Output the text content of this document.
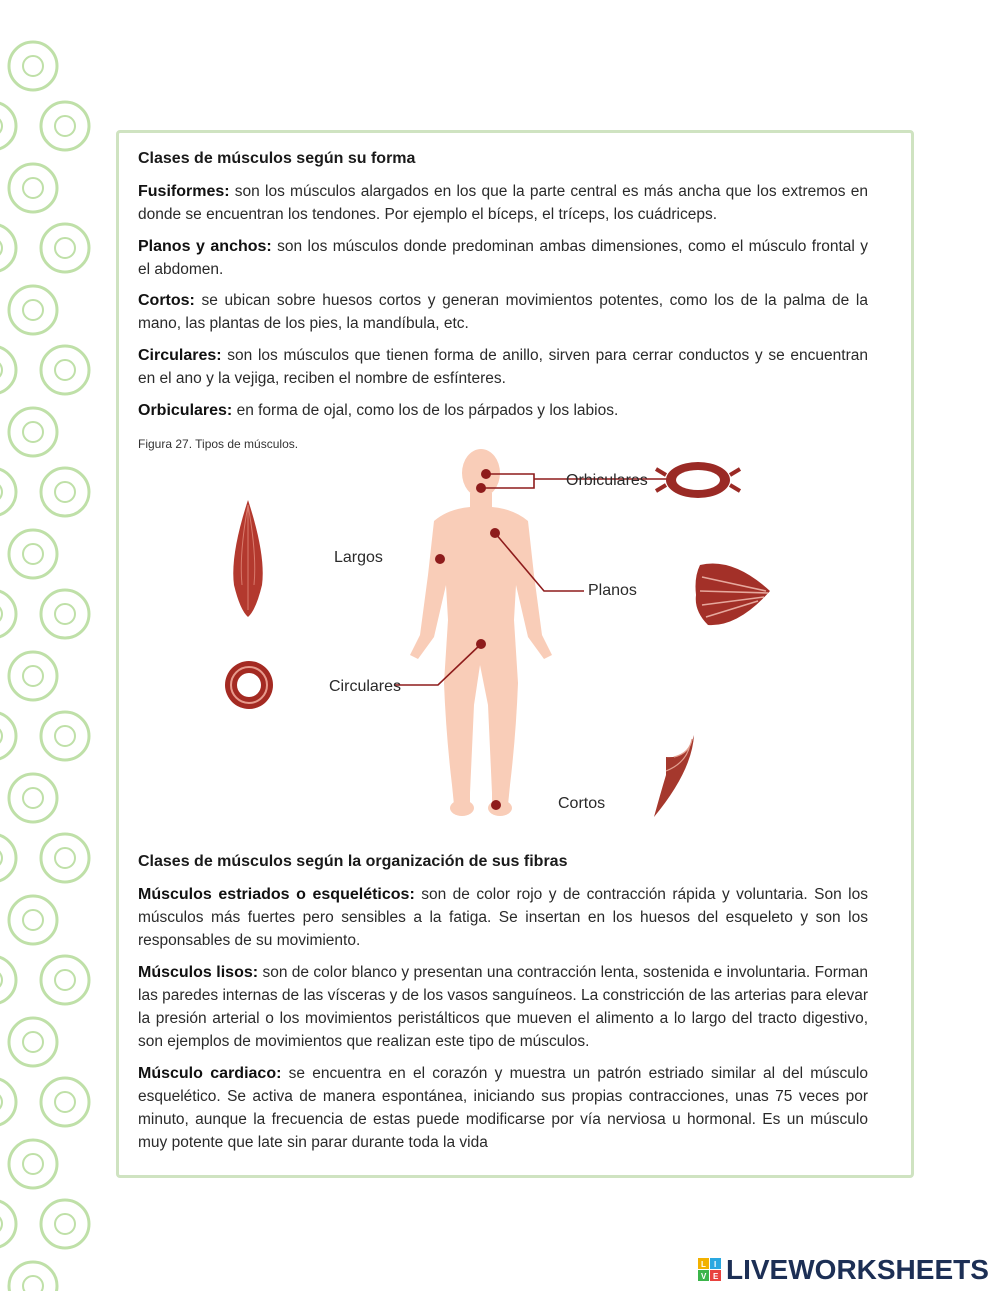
Clases de músculos según su forma

Fusiformes: son los músculos alargados en los que la parte central es más ancha que los extremos en donde se encuentran los tendones. Por ejemplo el bíceps, el tríceps, los cuádriceps.

Planos y anchos: son los músculos donde predominan ambas dimensiones, como el músculo frontal y el abdomen.

Cortos: se ubican sobre huesos cortos y generan movimientos potentes, como los de la palma de la mano, las plantas de los pies, la mandíbula, etc.

Circulares: son los músculos que tienen forma de anillo, sirven para cerrar conductos y se encuentran en el ano y la vejiga, reciben el nombre de esfínteres.

Orbiculares: en forma de ojal, como los de los párpados y los labios.

Figura 27. Tipos de músculos.

Orbiculares
Largos
Planos
Circulares
Cortos
Clases de músculos según la organización de sus fibras

Músculos estriados o esqueléticos: son de color rojo y de contracción rápida y voluntaria. Son los músculos más fuertes pero sensibles a la fatiga. Se insertan en los huesos del esqueleto y son los responsables de su movimiento.

Músculos lisos: son de color blanco y presentan una contracción lenta, sostenida e involuntaria. Forman las paredes internas de las vísceras y de los vasos sanguíneos. La constricción de las arterias para elevar la presión arterial o los movimientos peristálticos que mueven el alimento a lo largo del tracto digestivo, son ejemplos de movimientos que realizan este tipo de músculos.

Músculo cardiaco: se encuentra en el corazón y muestra un patrón estriado similar al del músculo esquelético. Se activa de manera espontánea, iniciando sus propias contracciones, unas 75 veces por minuto, aunque la frecuencia de estas puede modificarse por vía nerviosa u hormonal. Es un músculo muy potente que late sin parar durante toda la vida

L I
V E LIVEWORKSHEETS
